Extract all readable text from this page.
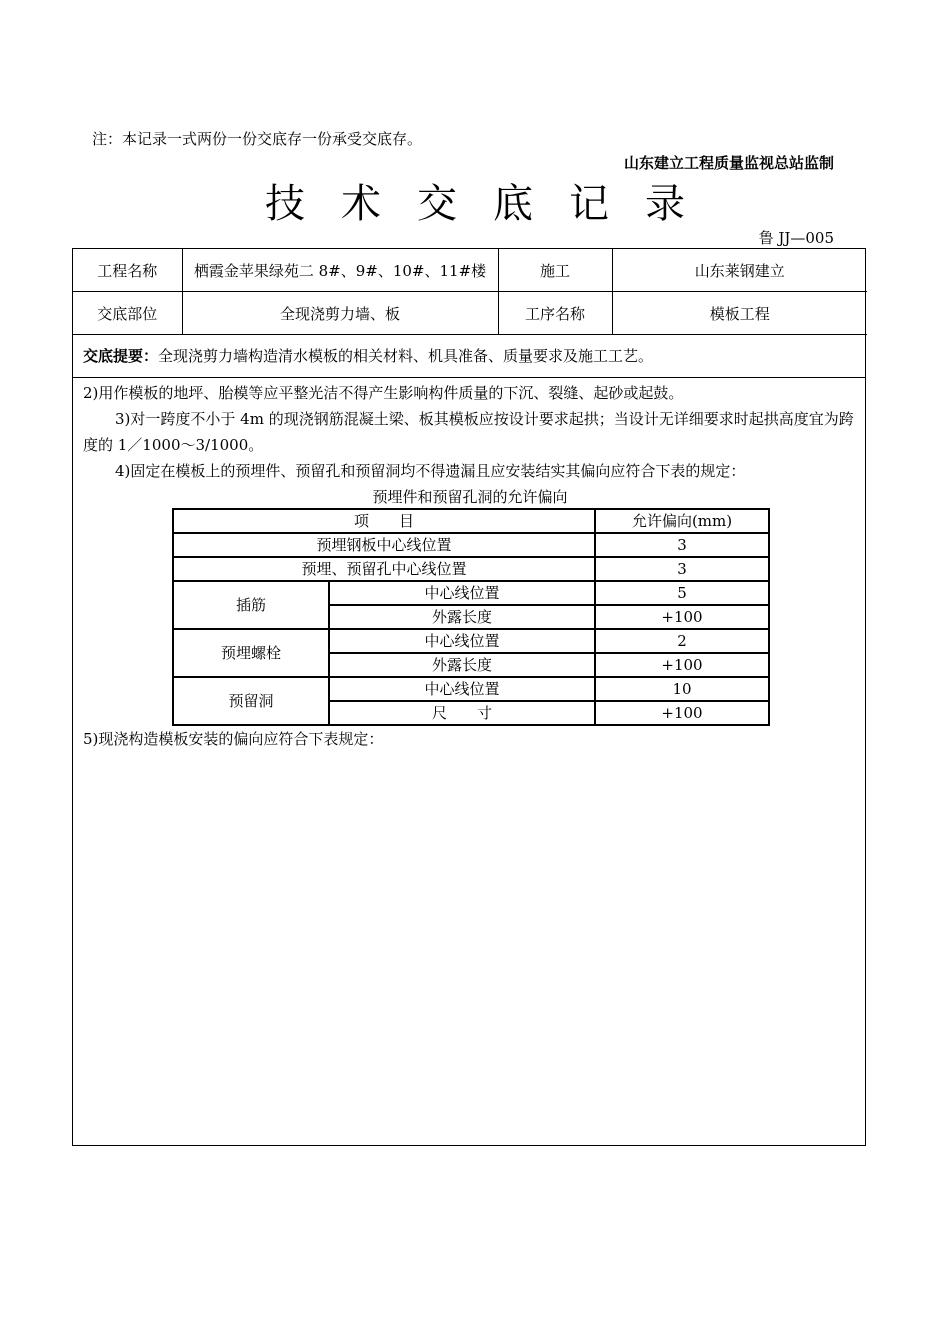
注：本记录一式两份一份交底存一份承受交底存。
山东建立工程质量监视总站监制
技术交底记录
鲁 JJ—005
工程名称	栖霞金苹果绿苑二 8#、9#、10#、11#楼	施工	山东莱钢建立
交底部位	全现浇剪力墙、板	工序名称	模板工程
交底提要：全现浇剪力墙构造清水模板的相关材料、机具准备、质量要求及施工工艺。

2)用作模板的地坪、胎模等应平整光洁不得产生影响构件质量的下沉、裂缝、起砂或起鼓。

3)对一跨度不小于 4m 的现浇钢筋混凝土梁、板其模板应按设计要求起拱；当设计无详细要求时起拱高度宜为跨度的 1／1000～3/1000。

4)固定在模板上的预埋件、预留孔和预留洞均不得遗漏且应安装结实其偏向应符合下表的规定：

预埋件和预留孔洞的允许偏向
项　　目		允许偏向(mm)
预埋钢板中心线位置		3
预埋、预留孔中心线位置		3
插筋	中心线位置	5
	外露长度	+100
预埋螺栓	中心线位置	2
	外露长度	+100
预留洞	中心线位置	10
	尺　　寸	+100

5)现浇构造模板安装的偏向应符合下表规定：
